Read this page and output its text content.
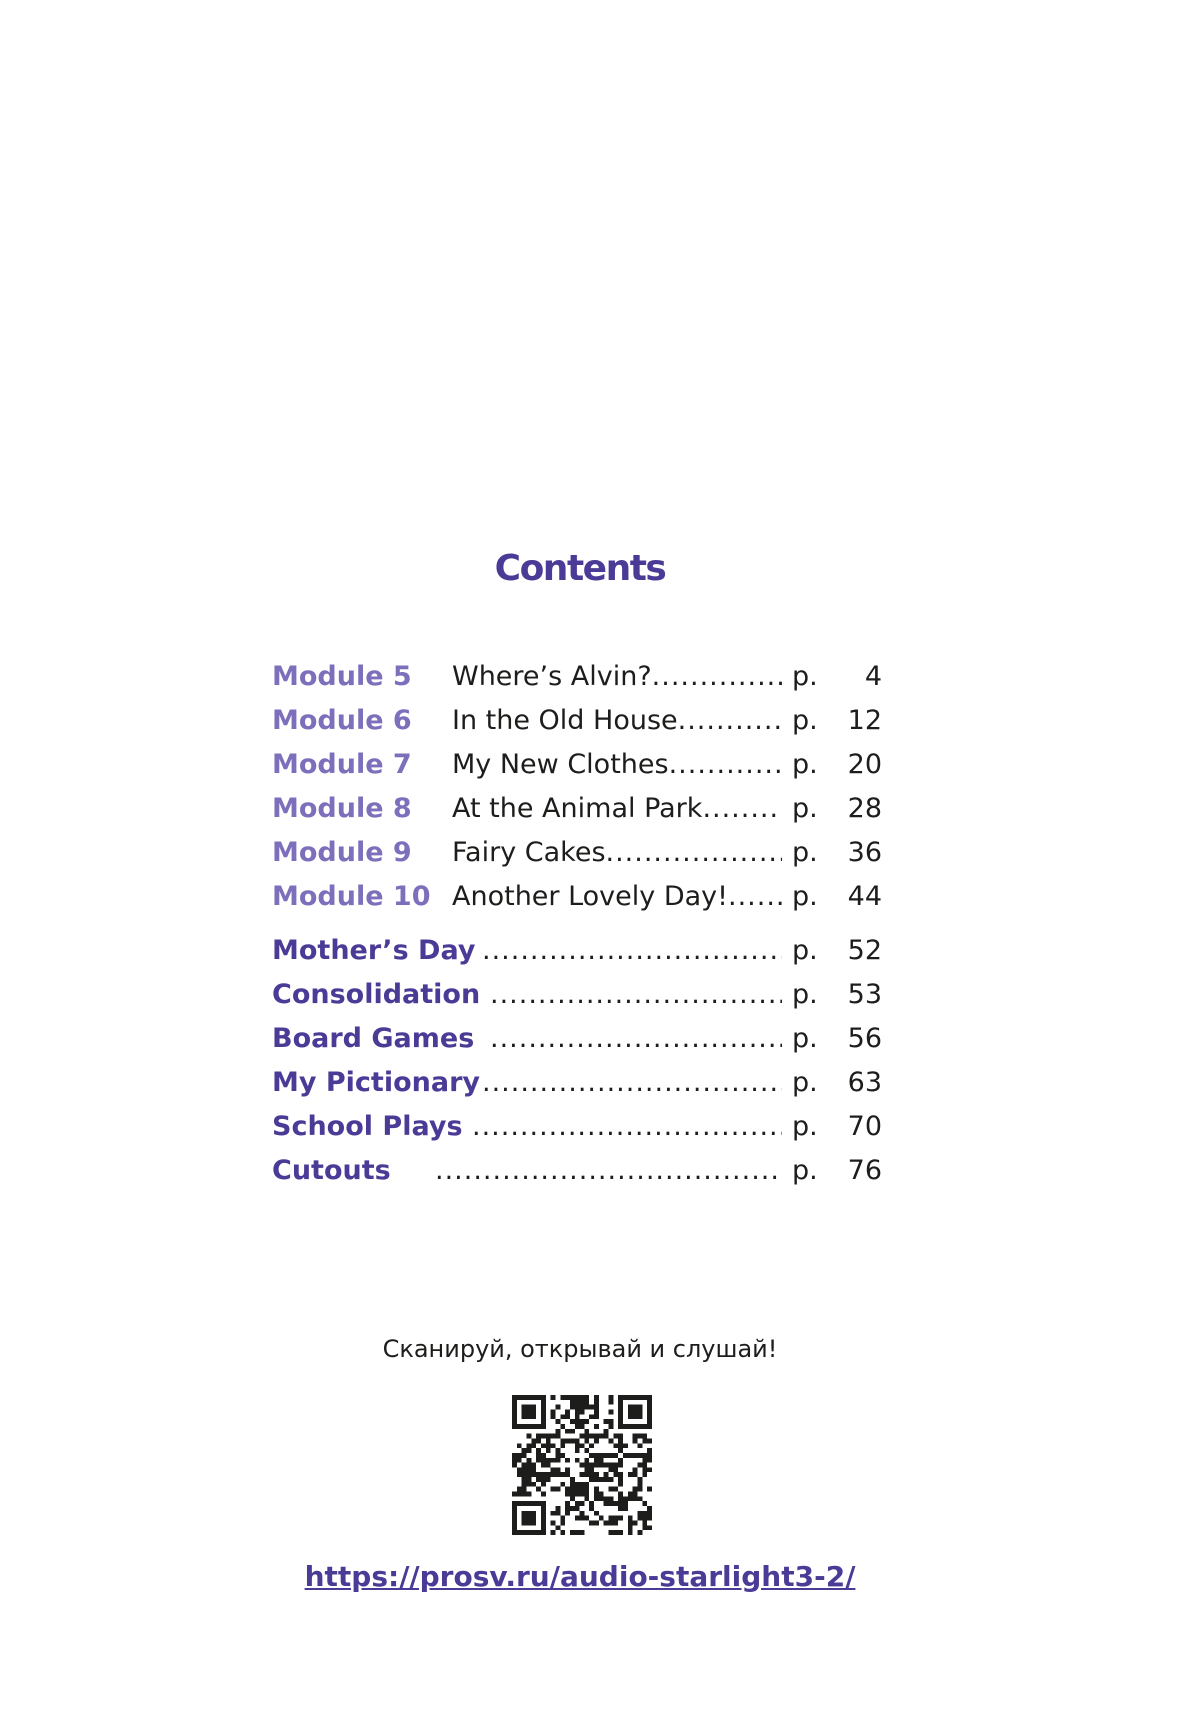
Contents
Module 5 Where’s Alvin? .....	p.	4
Module 6 In the Old House .....	p.	12
Module 7 My New Clothes .....	p.	20
Module 8 At the Animal Park .....	p.	28
Module 9 Fairy Cakes .....	p.	36
Module 10 Another Lovely Day! ..... p.	44
Mother’s Day .....	p.	52
Consolidation .....	p.	53
Board Games .....	p.	56
My Pictionary .....	p.	63
School Plays .....	p.	70
Cutouts .....	p.	76
Сканируй, открывай и слушай!
https://prosv.ru/audio-starlight3-2/
